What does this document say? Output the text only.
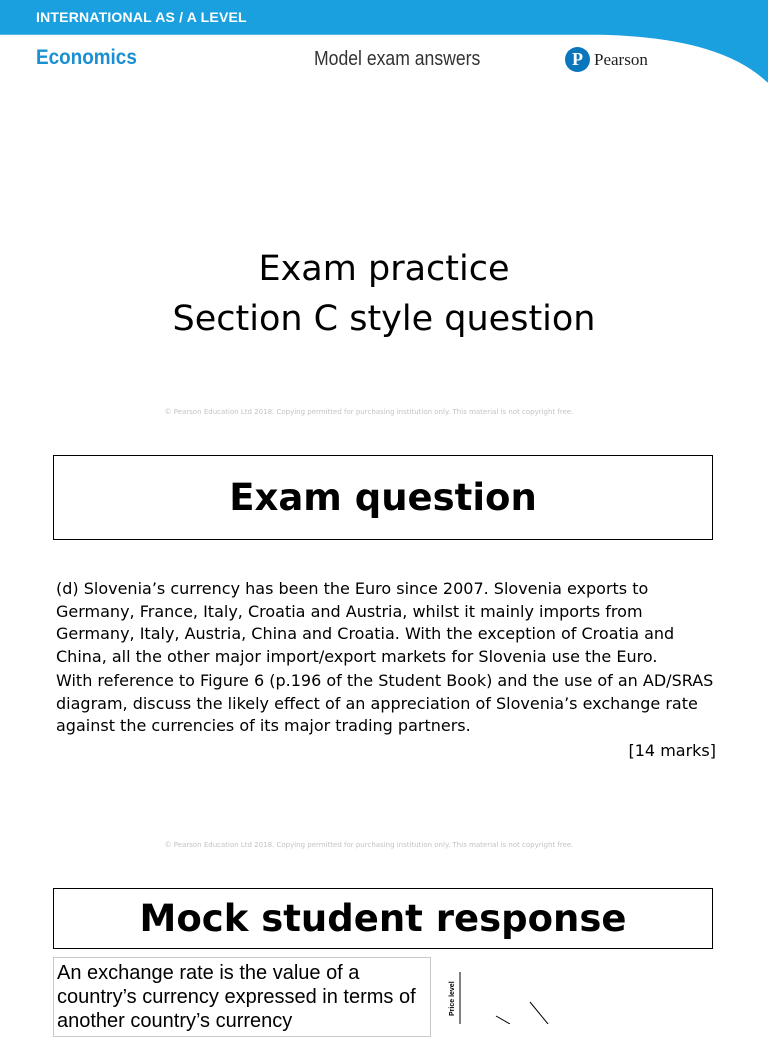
INTERNATIONAL AS / A LEVEL
Economics	Model exam answers	P Pearson
Exam practice
Section C style question
© Pearson Education Ltd 2018. Copying permitted for purchasing institution only. This material is not copyright free.
Exam question

(d) Slovenia’s currency has been the Euro since 2007. Slovenia exports to Germany, France, Italy, Croatia and Austria, whilst it mainly imports from Germany, Italy, Austria, China and Croatia. With the exception of Croatia and China, all the other major import/export markets for Slovenia use the Euro.

With reference to Figure 6 (p.196 of the Student Book) and the use of an AD/SRAS diagram, discuss the likely effect of an appreciation of Slovenia’s exchange rate against the currencies of its major trading partners.

[14 marks]

© Pearson Education Ltd 2018. Copying permitted for purchasing institution only. This material is not copyright free.
Mock student response
An exchange rate is the value of a country’s currency expressed in terms of another country’s currency
Price level
